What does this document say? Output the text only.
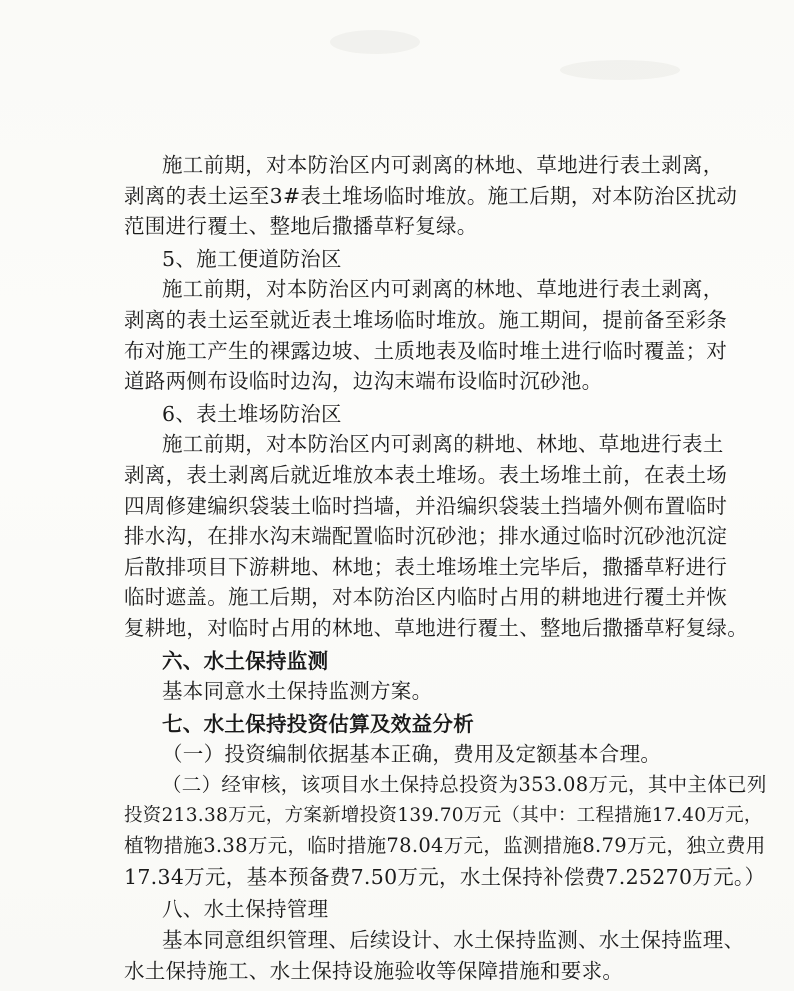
施工前期，对本防治区内可剥离的林地、草地进行表土剥离，
剥离的表土运至3#表土堆场临时堆放。施工后期，对本防治区扰动
范围进行覆土、整地后撒播草籽复绿。
5、施工便道防治区
施工前期，对本防治区内可剥离的林地、草地进行表土剥离，
剥离的表土运至就近表土堆场临时堆放。施工期间，提前备至彩条
布对施工产生的裸露边坡、土质地表及临时堆土进行临时覆盖；对
道路两侧布设临时边沟，边沟末端布设临时沉砂池。
6、表土堆场防治区
施工前期，对本防治区内可剥离的耕地、林地、草地进行表土
剥离，表土剥离后就近堆放本表土堆场。表土场堆土前，在表土场
四周修建编织袋装土临时挡墙，并沿编织袋装土挡墙外侧布置临时
排水沟，在排水沟末端配置临时沉砂池；排水通过临时沉砂池沉淀
后散排项目下游耕地、林地；表土堆场堆土完毕后，撒播草籽进行
临时遮盖。施工后期，对本防治区内临时占用的耕地进行覆土并恢
复耕地，对临时占用的林地、草地进行覆土、整地后撒播草籽复绿。
六、水土保持监测
基本同意水土保持监测方案。
七、水土保持投资估算及效益分析
（一）投资编制依据基本正确，费用及定额基本合理。
（二）经审核，该项目水土保持总投资为353.08万元，其中主体已列
投资213.38万元，方案新增投资139.70万元（其中：工程措施17.40万元，
植物措施3.38万元，临时措施78.04万元，监测措施8.79万元，独立费用
17.34万元，基本预备费7.50万元，水土保持补偿费7.25270万元。）
八、水土保持管理
基本同意组织管理、后续设计、水土保持监测、水土保持监理、
水土保持施工、水土保持设施验收等保障措施和要求。
